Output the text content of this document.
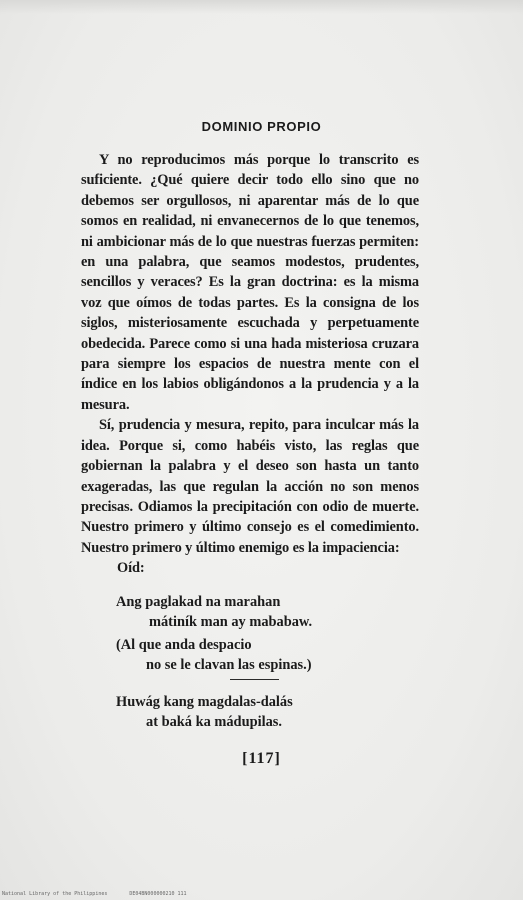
DOMINIO PROPIO

Y no reproducimos más porque lo transcrito es suficiente. ¿Qué quiere decir todo ello sino que no debemos ser orgullosos, ni aparentar más de lo que somos en realidad, ni envanecernos de lo que tenemos, ni ambicionar más de lo que nuestras fuerzas permiten: en una palabra, que seamos modestos, prudentes, sencillos y veraces? Es la gran doctrina: es la misma voz que oímos de todas partes. Es la consigna de los siglos, misteriosamente escuchada y perpetuamente obedecida. Parece como si una hada misteriosa cruzara para siempre los espacios de nuestra mente con el índice en los labios obligándonos a la prudencia y a la mesura.

Sí, prudencia y mesura, repito, para inculcar más la idea. Porque si, como habéis visto, las reglas que gobiernan la palabra y el deseo son hasta un tanto exageradas, las que regulan la acción no son menos precisas. Odiamos la precipitación con odio de muerte. Nuestro primero y último consejo es el comedimiento. Nuestro primero y último enemigo es la impaciencia:

Oíd:

Ang paglakad na marahan
mátiník man ay mababaw.
(Al que anda despacio
no se le clavan las espinas.)
Huwág kang magdalas-dalás
at baká ka mádupilas.
[117]
National Library of the Philippines	DE04BN000000210 111
